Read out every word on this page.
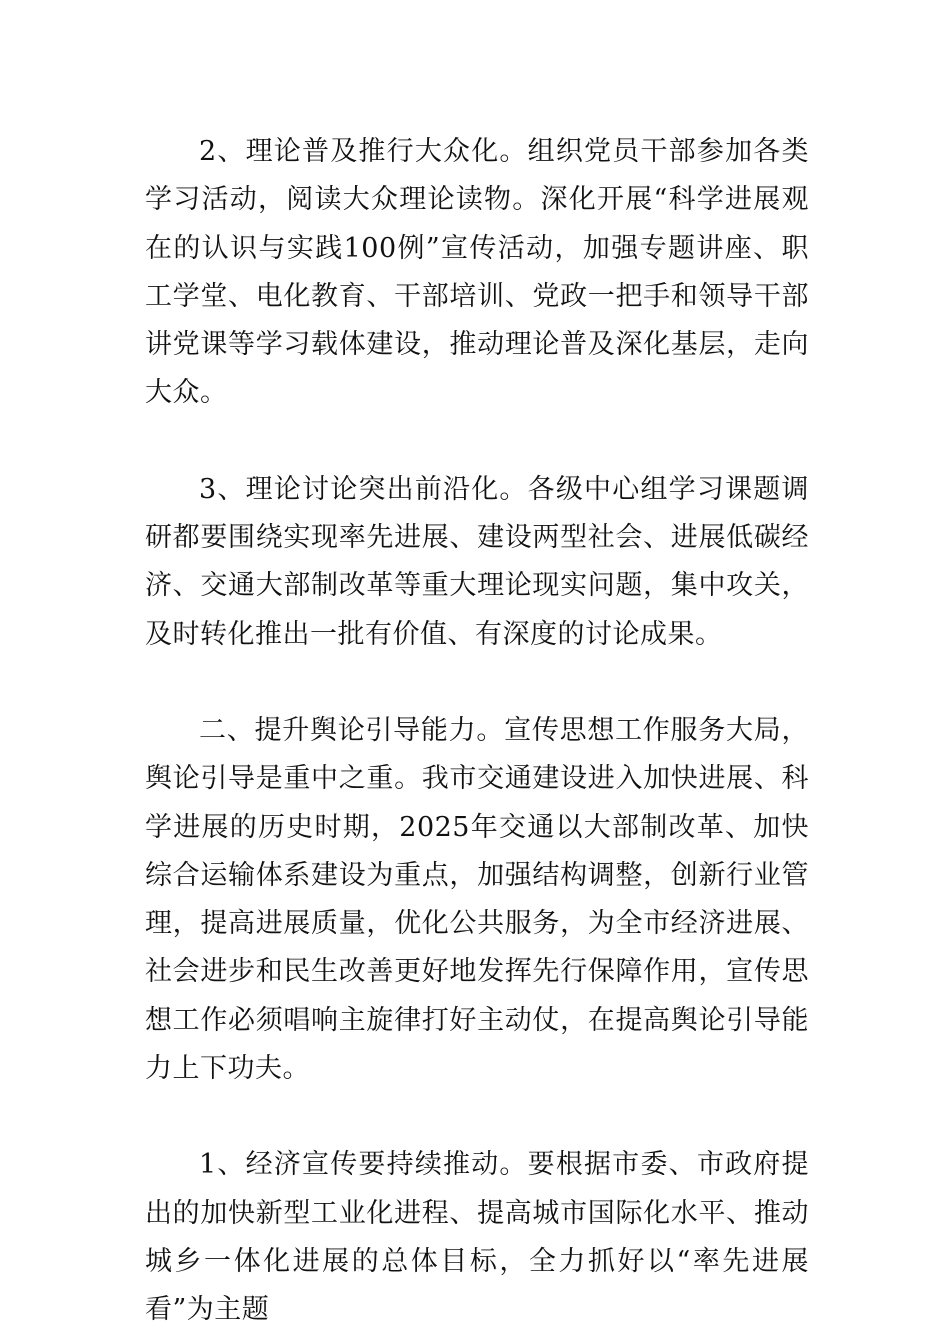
2、理论普及推行大众化。组织党员干部参加各类学习活动，阅读大众理论读物。深化开展“科学进展观在的认识与实践100例”宣传活动，加强专题讲座、职工学堂、电化教育、干部培训、党政一把手和领导干部讲党课等学习载体建设，推动理论普及深化基层，走向大众。

3、理论讨论突出前沿化。各级中心组学习课题调研都要围绕实现率先进展、建设两型社会、进展低碳经济、交通大部制改革等重大理论现实问题，集中攻关，及时转化推出一批有价值、有深度的讨论成果。

二、提升舆论引导能力。宣传思想工作服务大局，舆论引导是重中之重。我市交通建设进入加快进展、科学进展的历史时期，2025年交通以大部制改革、加快综合运输体系建设为重点，加强结构调整，创新行业管理，提高进展质量，优化公共服务，为全市经济进展、社会进步和民生改善更好地发挥先行保障作用，宣传思想工作必须唱响主旋律打好主动仗，在提高舆论引导能力上下功夫。

1、经济宣传要持续推动。要根据市委、市政府提出的加快新型工业化进程、提高城市国际化水平、推动城乡一体化进展的总体目标，全力抓好以“率先进展看”为主题
